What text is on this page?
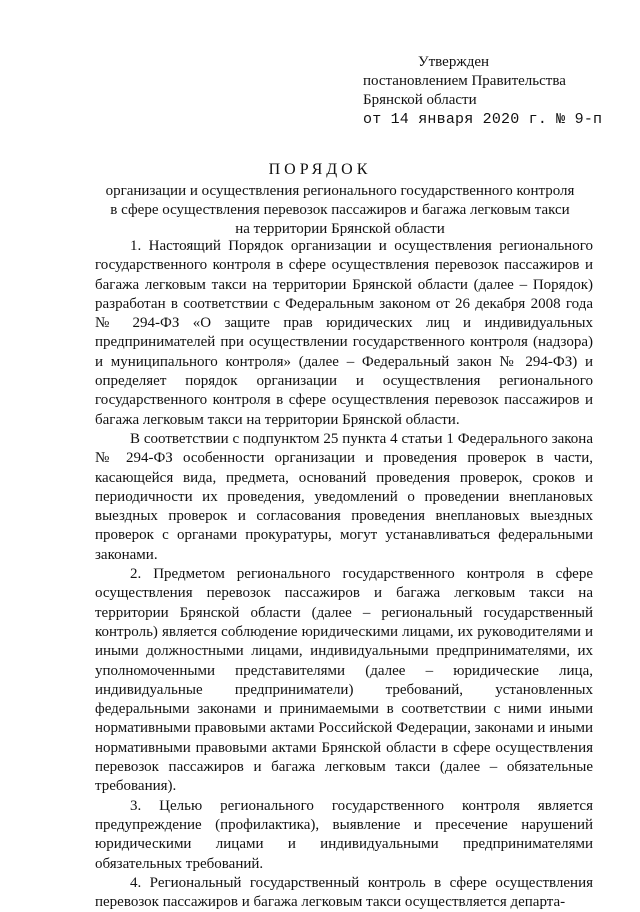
Утвержден
постановлением Правительства
Брянской области
от 14 января 2020 г. № 9-п
ПОРЯДОК
организации и осуществления регионального государственного контроля
в сфере осуществления перевозок пассажиров и багажа легковым такси
на территории Брянской области

1. Настоящий Порядок организации и осуществления регионального государственного контроля в сфере осуществления перевозок пассажиров и багажа легковым такси на территории Брянской области (далее – Порядок) разработан в соответствии с Федеральным законом от 26 декабря 2008 года № 294-ФЗ «О защите прав юридических лиц и индивидуальных предпринимателей при осуществлении государственного контроля (надзора) и муниципального контроля» (далее – Федеральный закон № 294-ФЗ) и определяет порядок организации и осуществления регионального государственного контроля в сфере осуществления перевозок пассажиров и багажа легковым такси на территории Брянской области.

В соответствии с подпунктом 25 пункта 4 статьи 1 Федерального закона № 294-ФЗ особенности организации и проведения проверок в части, касающейся вида, предмета, оснований проведения проверок, сроков и периодичности их проведения, уведомлений о проведении внеплановых выездных проверок и согласования проведения внеплановых выездных проверок с органами прокуратуры, могут устанавливаться федеральными законами.

2. Предметом регионального государственного контроля в сфере осуществления перевозок пассажиров и багажа легковым такси на территории Брянской области (далее – региональный государственный контроль) является соблюдение юридическими лицами, их руководителями и иными должностными лицами, индивидуальными предпринимателями, их уполномоченными представителями (далее – юридические лица, индивидуальные предприниматели) требований, установленных федеральными законами и принимаемыми в соответствии с ними иными нормативными правовыми актами Российской Федерации, законами и иными нормативными правовыми актами Брянской области в сфере осуществления перевозок пассажиров и багажа легковым такси (далее – обязательные требования).

3. Целью регионального государственного контроля является предупреждение (профилактика), выявление и пресечение нарушений юридическими лицами и индивидуальными предпринимателями обязательных требований.

4. Региональный государственный контроль в сфере осуществления перевозок пассажиров и багажа легковым такси осуществляется департа-
